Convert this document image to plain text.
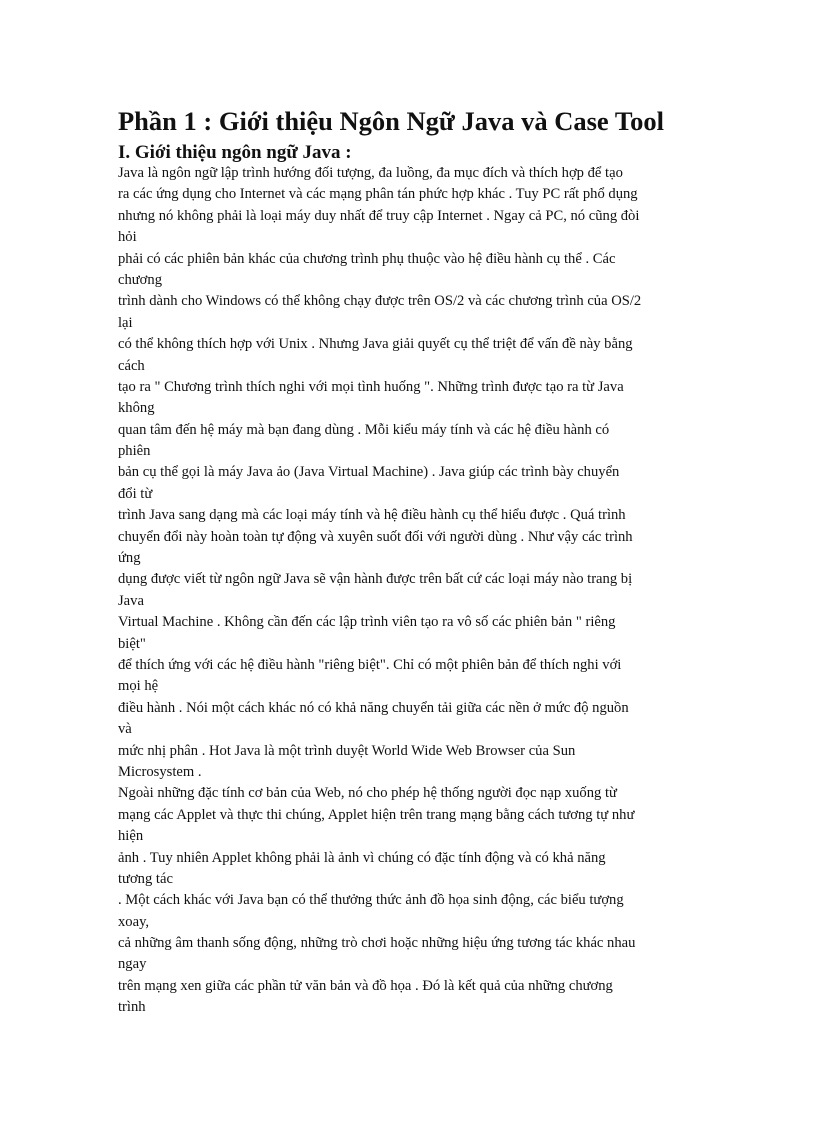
Phần 1 : Giới thiệu Ngôn Ngữ Java và Case Tool
I. Giới thiệu ngôn ngữ Java :
Java là ngôn ngữ lập trình hướng đối tượng, đa luồng, đa mục đích và thích hợp để tạo
ra các ứng dụng cho Internet và các mạng phân tán phức hợp khác . Tuy PC rất phổ dụng
nhưng nó không phải là loại máy duy nhất để truy cập Internet . Ngay cả PC, nó cũng đòi
hỏi
phải có các phiên bản khác của chương trình phụ thuộc vào hệ điều hành cụ thể . Các
chương
trình dành cho Windows có thể không chạy được trên OS/2 và các chương trình của OS/2
lại
có thể không thích hợp với Unix . Nhưng Java giải quyết cụ thể triệt để vấn đề này bằng
cách
tạo ra " Chương trình thích nghi với mọi tình huống ". Những trình được tạo ra từ Java
không
quan tâm đến hệ máy mà bạn đang dùng . Mỗi kiểu máy tính và các hệ điều hành có
phiên
bản cụ thể gọi là máy Java ảo (Java Virtual Machine) . Java giúp các trình bày chuyển
đổi từ
trình Java sang dạng mà các loại máy tính và hệ điều hành cụ thể hiểu được . Quá trình
chuyển đổi này hoàn toàn tự động và xuyên suốt đối với người dùng . Như vậy các trình
ứng
dụng được viết từ ngôn ngữ Java sẽ vận hành được trên bất cứ các loại máy nào trang bị
Java
Virtual Machine . Không cần đến các lập trình viên tạo ra vô số các phiên bản " riêng
biệt"
để thích ứng với các hệ điều hành "riêng biệt". Chỉ có một phiên bản để thích nghi với
mọi hệ
điều hành . Nói một cách khác nó có khả năng chuyển tải giữa các nền ở mức độ nguồn
và
mức nhị phân . Hot Java là một trình duyệt World Wide Web Browser của Sun
Microsystem .
Ngoài những đặc tính cơ bản của Web, nó cho phép hệ thống người đọc nạp xuống từ
mạng các Applet và thực thi chúng, Applet hiện trên trang mạng bằng cách tương tự như
hiện
ảnh . Tuy nhiên Applet không phải là ảnh vì chúng có đặc tính động và có khả năng
tương tác
. Một cách khác với Java bạn có thể thưởng thức ảnh đồ họa sinh động, các biểu tượng
xoay,
cả những âm thanh sống động, những trò chơi hoặc những hiệu ứng tương tác khác nhau
ngay
trên mạng xen giữa các phần tử văn bản và đồ họa . Đó là kết quả của những chương
trình
